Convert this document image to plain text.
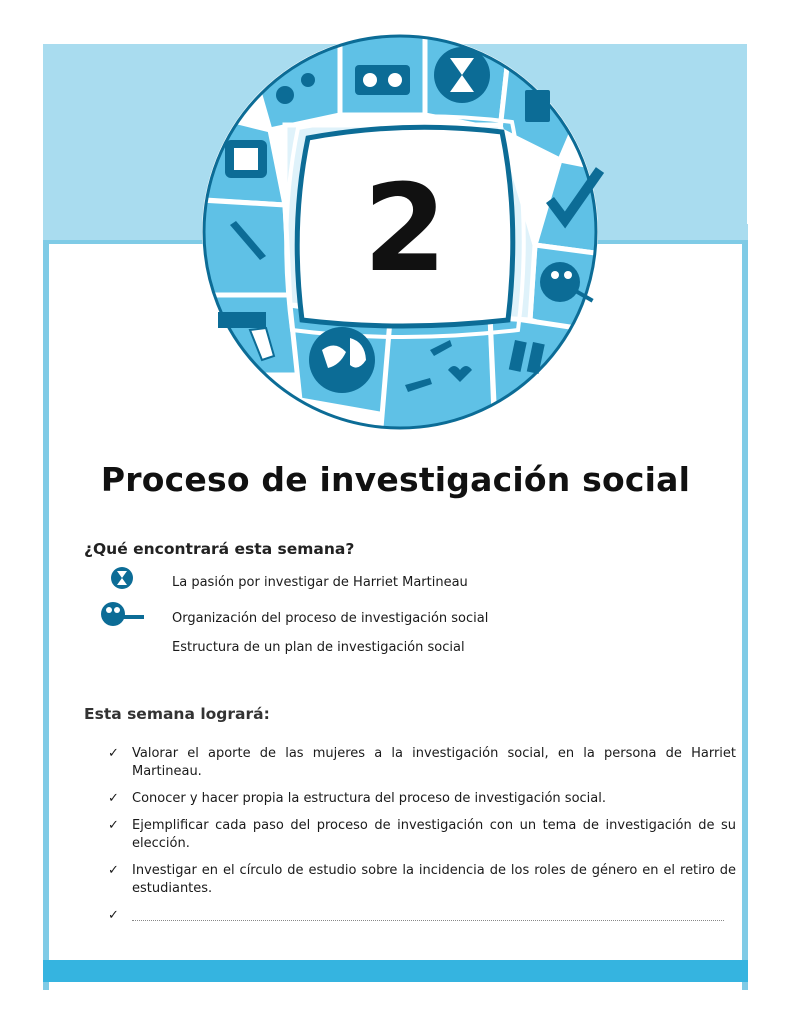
2
Proceso de investigación social
¿Qué encontrará esta semana?
La pasión por investigar de Harriet Martineau
Organización del proceso de investigación social
Estructura de un plan de investigación social
Esta semana logrará:
✓ Valorar el aporte de las mujeres a la investigación social, en la persona de Harriet Martineau.
✓ Conocer y hacer propia la estructura del proceso de investigación social.
✓ Ejemplificar cada paso del proceso de investigación con un tema de investigación de su elección.
✓ Investigar en el círculo de estudio sobre la incidencia de los roles de género en el retiro de estudiantes.
✓
